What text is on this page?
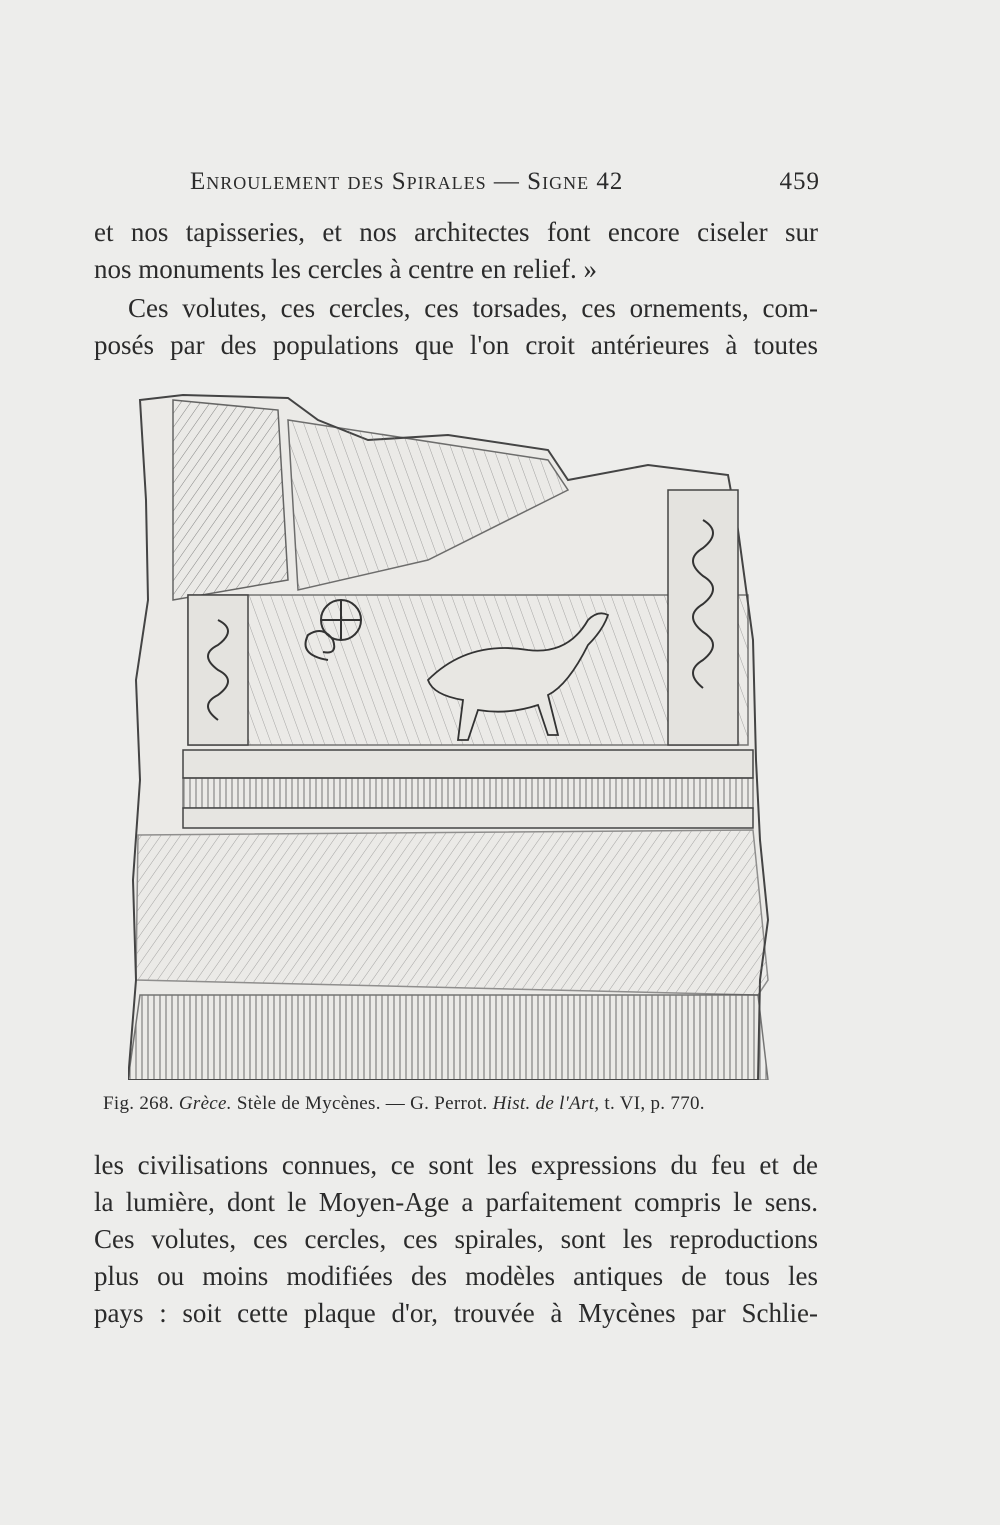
Enroulement des Spirales — Signe 42	459
et nos tapisseries, et nos architectes font encore ciseler sur
nos monuments les cercles à centre en relief. »
Ces volutes, ces cercles, ces torsades, ces ornements, com-
posés par des populations que l'on croit antérieures à toutes
Fig. 268. Grèce. Stèle de Mycènes. — G. Perrot. Hist. de l'Art, t. VI, p. 770.
les civilisations connues, ce sont les expressions du feu et de
la lumière, dont le Moyen-Age a parfaitement compris le sens.
Ces volutes, ces cercles, ces spirales, sont les reproductions
plus ou moins modifiées des modèles antiques de tous les
pays : soit cette plaque d'or, trouvée à Mycènes par Schlie-
